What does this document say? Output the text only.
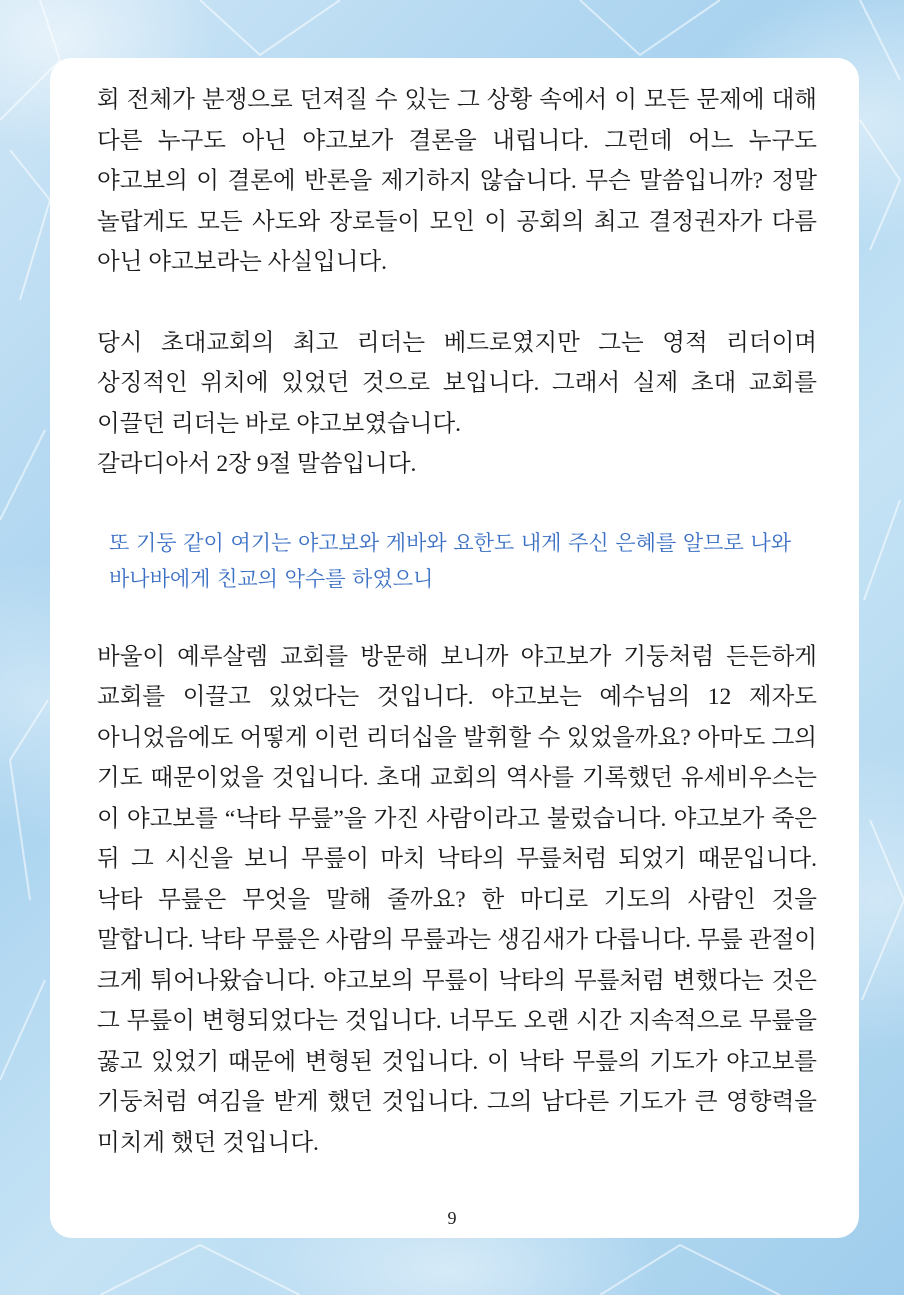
회 전체가 분쟁으로 던져질 수 있는 그 상황 속에서 이 모든 문제에 대해 다른 누구도 아닌 야고보가 결론을 내립니다. 그런데 어느 누구도 야고보의 이 결론에 반론을 제기하지 않습니다. 무슨 말씀입니까? 정말 놀랍게도 모든 사도와 장로들이 모인 이 공회의 최고 결정권자가 다름 아닌 야고보라는 사실입니다.

당시 초대교회의 최고 리더는 베드로였지만 그는 영적 리더이며 상징적인 위치에 있었던 것으로 보입니다. 그래서 실제 초대 교회를 이끌던 리더는 바로 야고보였습니다.

갈라디아서 2장 9절 말씀입니다.

또 기둥 같이 여기는 야고보와 게바와 요한도 내게 주신 은혜를 알므로 나와 바나바에게 친교의 악수를 하였으니

바울이 예루살렘 교회를 방문해 보니까 야고보가 기둥처럼 든든하게 교회를 이끌고 있었다는 것입니다. 야고보는 예수님의 12 제자도 아니었음에도 어떻게 이런 리더십을 발휘할 수 있었을까요? 아마도 그의 기도 때문이었을 것입니다. 초대 교회의 역사를 기록했던 유세비우스는 이 야고보를 “낙타 무릎”을 가진 사람이라고 불렀습니다. 야고보가 죽은 뒤 그 시신을 보니 무릎이 마치 낙타의 무릎처럼 되었기 때문입니다. 낙타 무릎은 무엇을 말해 줄까요? 한 마디로 기도의 사람인 것을 말합니다. 낙타 무릎은 사람의 무릎과는 생김새가 다릅니다. 무릎 관절이 크게 튀어나왔습니다. 야고보의 무릎이 낙타의 무릎처럼 변했다는 것은 그 무릎이 변형되었다는 것입니다. 너무도 오랜 시간 지속적으로 무릎을 꿇고 있었기 때문에 변형된 것입니다. 이 낙타 무릎의 기도가 야고보를 기둥처럼 여김을 받게 했던 것입니다. 그의 남다른 기도가 큰 영향력을 미치게 했던 것입니다.

9
